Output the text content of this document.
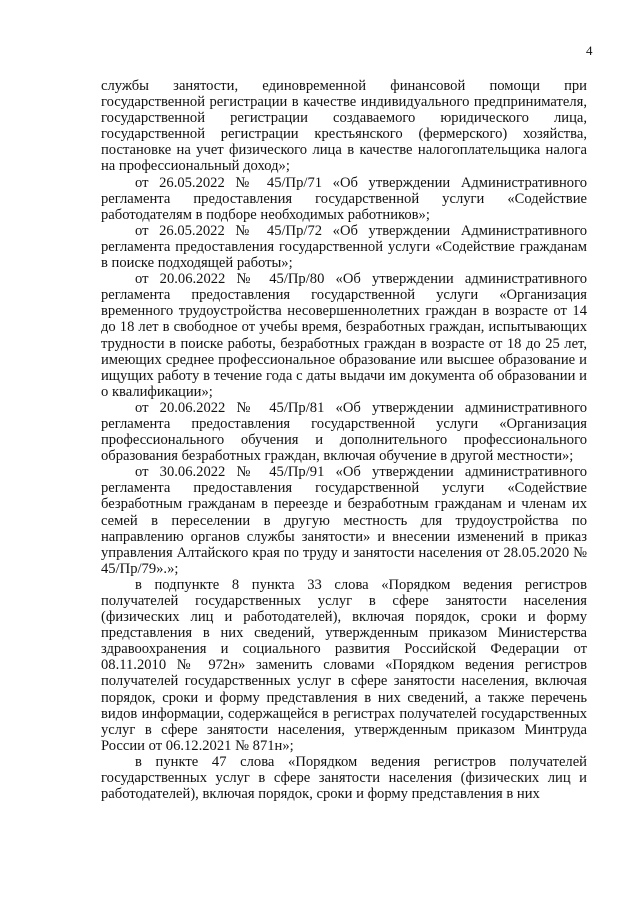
4

службы занятости, единовременной финансовой помощи при государственной регистрации в качестве индивидуального предпринимателя, государственной регистрации создаваемого юридического лица, государственной регистрации крестьянского (фермерского) хозяйства, постановке на учет физического лица в качестве налогоплательщика налога на профессиональный доход»;

от 26.05.2022 № 45/Пр/71 «Об утверждении Административного регламента предоставления государственной услуги «Содействие работодателям в подборе необходимых работников»;

от 26.05.2022 № 45/Пр/72 «Об утверждении Административного регламента предоставления государственной услуги «Содействие гражданам в поиске подходящей работы»;

от 20.06.2022 № 45/Пр/80 «Об утверждении административного регламента предоставления государственной услуги «Организация временного трудоустройства несовершеннолетних граждан в возрасте от 14 до 18 лет в свободное от учебы время, безработных граждан, испытывающих трудности в поиске работы, безработных граждан в возрасте от 18 до 25 лет, имеющих среднее профессиональное образование или высшее образование и ищущих работу в течение года с даты выдачи им документа об образовании и о квалификации»;

от 20.06.2022 № 45/Пр/81 «Об утверждении административного регламента предоставления государственной услуги «Организация профессионального обучения и дополнительного профессионального образования безработных граждан, включая обучение в другой местности»;

от 30.06.2022 № 45/Пр/91 «Об утверждении административного регламента предоставления государственной услуги «Содействие безработным гражданам в переезде и безработным гражданам и членам их семей в переселении в другую местность для трудоустройства по направлению органов службы занятости» и внесении изменений в приказ управления Алтайского края по труду и занятости населения от 28.05.2020 № 45/Пр/79».»;

в подпункте 8 пункта 33 слова «Порядком ведения регистров получателей государственных услуг в сфере занятости населения (физических лиц и работодателей), включая порядок, сроки и форму представления в них сведений, утвержденным приказом Министерства здравоохранения и социального развития Российской Федерации от 08.11.2010 № 972н» заменить словами «Порядком ведения регистров получателей государственных услуг в сфере занятости населения, включая порядок, сроки и форму представления в них сведений, а также перечень видов информации, содержащейся в регистрах получателей государственных услуг в сфере занятости населения, утвержденным приказом Минтруда России от 06.12.2021 № 871н»;

в пункте 47 слова «Порядком ведения регистров получателей государственных услуг в сфере занятости населения (физических лиц и работодателей), включая порядок, сроки и форму представления в них
